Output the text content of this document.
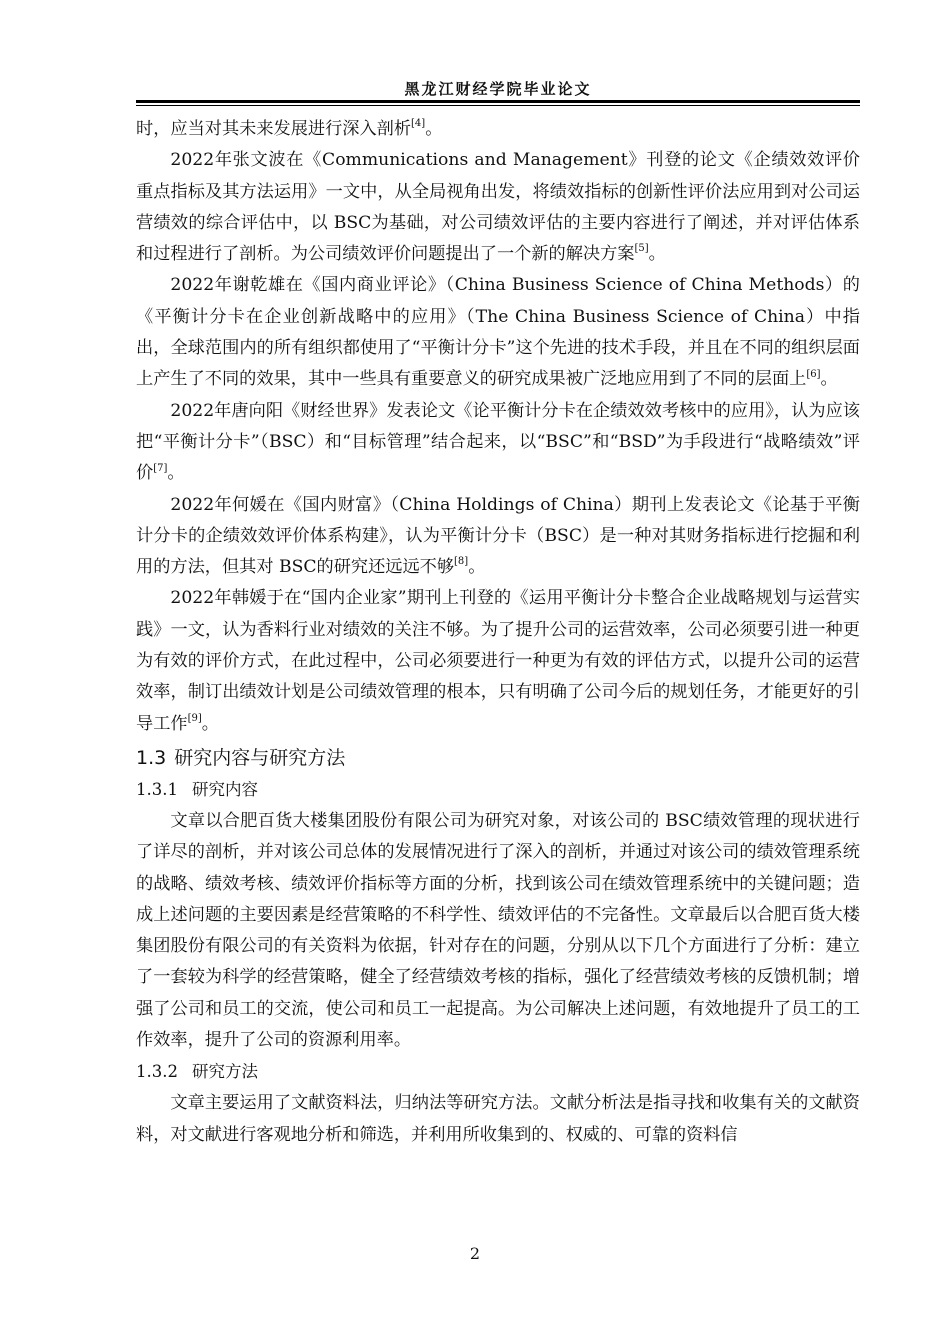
黑龙江财经学院毕业论文

时，应当对其未来发展进行深入剖析[4]。

2022年张文波在《Communications and Management》刊登的论文《企绩效效评价重点指标及其方法运用》一文中，从全局视角出发，将绩效指标的创新性评价法应用到对公司运营绩效的综合评估中，以 BSC为基础，对公司绩效评估的主要内容进行了阐述，并对评估体系和过程进行了剖析。为公司绩效评价问题提出了一个新的解决方案[5]。

2022年谢乾雄在《国内商业评论》（China Business Science of China Methods）的《平衡计分卡在企业创新战略中的应用》（The China Business Science of China）中指出，全球范围内的所有组织都使用了“平衡计分卡”这个先进的技术手段，并且在不同的组织层面上产生了不同的效果，其中一些具有重要意义的研究成果被广泛地应用到了不同的层面上[6]。

2022年唐向阳《财经世界》发表论文《论平衡计分卡在企绩效效考核中的应用》，认为应该把“平衡计分卡”（BSC）和“目标管理”结合起来，以“BSC”和“BSD”为手段进行“战略绩效”评价[7]。

2022年何媛在《国内财富》（China Holdings of China）期刊上发表论文《论基于平衡计分卡的企绩效效评价体系构建》，认为平衡计分卡（BSC）是一种对其财务指标进行挖掘和利用的方法，但其对 BSC的研究还远远不够[8]。

2022年韩媛于在“国内企业家”期刊上刊登的《运用平衡计分卡整合企业战略规划与运营实践》一文，认为香料行业对绩效的关注不够。为了提升公司的运营效率，公司必须要引进一种更为有效的评价方式，在此过程中，公司必须要进行一种更为有效的评估方式，以提升公司的运营效率，制订出绩效计划是公司绩效管理的根本，只有明确了公司今后的规划任务，才能更好的引导工作[9]。

1.3 研究内容与研究方法
1.3.1 研究内容

文章以合肥百货大楼集团股份有限公司为研究对象，对该公司的 BSC绩效管理的现状进行了详尽的剖析，并对该公司总体的发展情况进行了深入的剖析，并通过对该公司的绩效管理系统的战略、绩效考核、绩效评价指标等方面的分析，找到该公司在绩效管理系统中的关键问题；造成上述问题的主要因素是经营策略的不科学性、绩效评估的不完备性。文章最后以合肥百货大楼集团股份有限公司的有关资料为依据，针对存在的问题，分别从以下几个方面进行了分析：建立了一套较为科学的经营策略，健全了经营绩效考核的指标，强化了经营绩效考核的反馈机制；增强了公司和员工的交流，使公司和员工一起提高。为公司解决上述问题，有效地提升了员工的工作效率，提升了公司的资源利用率。

1.3.2 研究方法

文章主要运用了文献资料法，归纳法等研究方法。文献分析法是指寻找和收集有关的文献资料，对文献进行客观地分析和筛选，并利用所收集到的、权威的、可靠的资料信

2
